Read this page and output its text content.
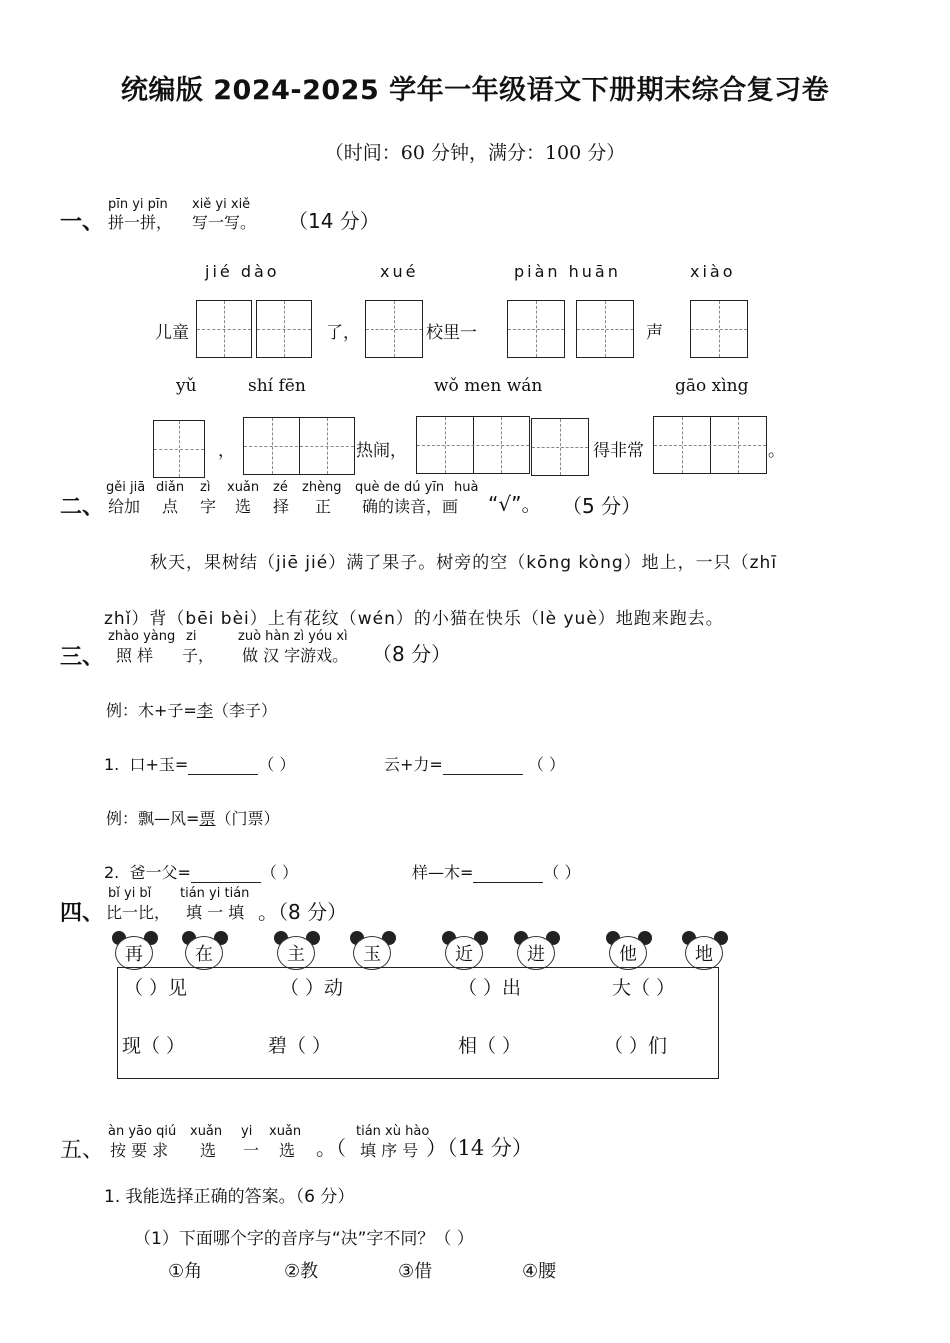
统编版 2024-2025 学年一年级语文下册期末综合复习卷
（时间：60 分钟，满分：100 分）
一、
pīn yi pīn xiě yi xiě
拼一拼， 写一写。 （14 分）
jié dào	xué	piàn huān	xiào
儿童	了，	校里一	声
yǔ	shí fēn	wǒ men wán	gāo xìng
，	热闹，	得非常	。
二、
gěi jiā diǎn zì xuǎn zé zhèng què de dú yīn huà
给加 点 字 选 择 正 确的读音，画 “√”。 （5 分）
秋天，果树结（jiē jié）满了果子。树旁的空（kōng kòng）地上，一只（zhī
zhǐ）背（bēi bèi）上有花纹（wén）的小猫在快乐（lè yuè）地跑来跑去。
三、
zhào yàng zi	zuò hàn zì yóu xì
照 样 子， 做 汉 字游戏。 （8 分）
例：木+子=李（李子）
1. 口+玉=	（ ）	云+力=	（ ）
例：飘—风=票（门票）
2. 爸一父=	（ ）	样—木=	（ ）
四、
bǐ yi bǐ tián yi tián
比一比， 填 一 填 。（8 分）
再	在	主	玉	近	进	他	地
（ ）见	（ ）动	（ ）出	大（ ）
现（ ）	碧（ ）	相（ ）	（ ）们
五、
àn yāo qiú xuǎn yi xuǎn	tián xù hào
按 要 求 选 一 选 。（ 填 序 号 ）（14 分）
1. 我能选择正确的答案。（6 分）
（1）下面哪个字的音序与“决”字不同？（ ）
①角	②教	③借	④腰
